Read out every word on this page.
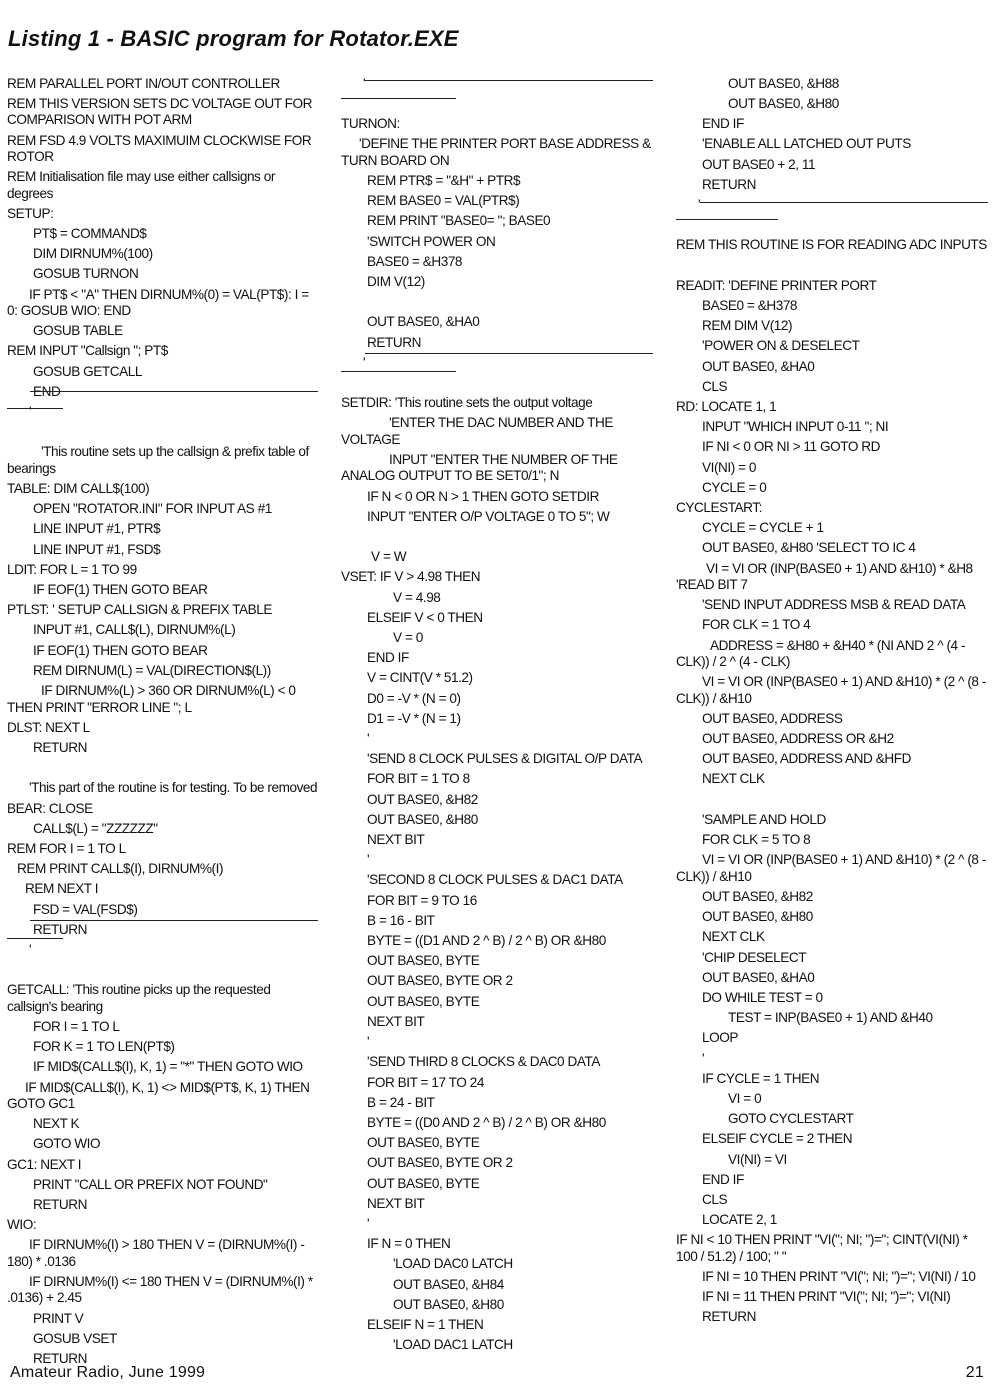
Listing 1 - BASIC program for Rotator.EXE
REM PARALLEL PORT IN/OUT CONTROLLER
REM THIS VERSION SETS DC VOLTAGE OUT FOR COMPARISON WITH POT ARM
REM FSD 4.9 VOLTS MAXIMUIM CLOCKWISE FOR ROTOR
REM Initialisation file may use either callsigns or degrees
SETUP:
PT$ = COMMAND$
DIM DIRNUM%(100)
GOSUB TURNON
IF PT$ < "A" THEN DIRNUM%(0) = VAL(PT$): I = 0: GOSUB WIO: END
GOSUB TABLE
REM INPUT "Callsign "; PT$
GOSUB GETCALL
END
'
'This routine sets up the callsign & prefix table of bearings
TABLE: DIM CALL$(100)
OPEN "ROTATOR.INI" FOR INPUT AS #1
LINE INPUT #1, PTR$
LINE INPUT #1, FSD$
LDIT: FOR L = 1 TO 99
IF EOF(1) THEN GOTO BEAR
PTLST: ' SETUP CALLSIGN & PREFIX TABLE
INPUT #1, CALL$(L), DIRNUM%(L)
IF EOF(1) THEN GOTO BEAR
REM DIRNUM(L) = VAL(DIRECTION$(L))
IF DIRNUM%(L) > 360 OR DIRNUM%(L) < 0 THEN PRINT "ERROR LINE "; L
DLST: NEXT L
RETURN
'This part of the routine is for testing. To be removed
BEAR: CLOSE
CALL$(L) = "ZZZZZZ"
REM FOR I = 1 TO L
REM PRINT CALL$(I), DIRNUM%(I)
REM NEXT I
FSD = VAL(FSD$)
RETURN
'
GETCALL: 'This routine picks up the requested callsign's bearing
FOR I = 1 TO L
FOR K = 1 TO LEN(PT$)
IF MID$(CALL$(I), K, 1) = "*" THEN GOTO WIO
IF MID$(CALL$(I), K, 1) <> MID$(PT$, K, 1) THEN GOTO GC1
NEXT K
GOTO WIO
GC1: NEXT I
PRINT "CALL OR PREFIX NOT FOUND"
RETURN
WIO:
IF DIRNUM%(I) > 180 THEN V = (DIRNUM%(I) - 180) * .0136
IF DIRNUM%(I) <= 180 THEN V = (DIRNUM%(I) * .0136) + 2.45
PRINT V
GOSUB VSET
RETURN
'
TURNON:
'DEFINE THE PRINTER PORT BASE ADDRESS & TURN BOARD ON
REM PTR$ = "&H" + PTR$
REM BASE0 = VAL(PTR$)
REM PRINT "BASE0= "; BASE0
'SWITCH POWER ON
BASE0 = &H378
DIM V(12)
OUT BASE0, &HA0
RETURN
'
SETDIR: 'This routine sets the output voltage
'ENTER THE DAC NUMBER AND THE VOLTAGE
INPUT "ENTER THE NUMBER OF THE ANALOG OUTPUT TO BE SET0/1"; N
IF N < 0 OR N > 1 THEN GOTO SETDIR
INPUT "ENTER O/P VOLTAGE 0 TO 5"; W
V = W
VSET: IF V > 4.98 THEN
V = 4.98
ELSEIF V < 0 THEN
V = 0
END IF
V = CINT(V * 51.2)
D0 = -V * (N = 0)
D1 = -V * (N = 1)
'
'SEND 8 CLOCK PULSES & DIGITAL O/P DATA
FOR BIT = 1 TO 8
OUT BASE0, &H82
OUT BASE0, &H80
NEXT BIT
'
'SECOND 8 CLOCK PULSES & DAC1 DATA
FOR BIT = 9 TO 16
B = 16 - BIT
BYTE = ((D1 AND 2 ^ B) / 2 ^ B) OR &H80
OUT BASE0, BYTE
OUT BASE0, BYTE OR 2
OUT BASE0, BYTE
NEXT BIT
'
'SEND THIRD 8 CLOCKS & DAC0 DATA
FOR BIT = 17 TO 24
B = 24 - BIT
BYTE = ((D0 AND 2 ^ B) / 2 ^ B) OR &H80
OUT BASE0, BYTE
OUT BASE0, BYTE OR 2
OUT BASE0, BYTE
NEXT BIT
'
IF N = 0 THEN
'LOAD DAC0 LATCH
OUT BASE0, &H84
OUT BASE0, &H80
ELSEIF N = 1 THEN
'LOAD DAC1 LATCH
OUT BASE0, &H88
OUT BASE0, &H80
END IF
'ENABLE ALL LATCHED OUT PUTS
OUT BASE0 + 2, 11
RETURN
'
REM THIS ROUTINE IS FOR READING ADC INPUTS
READIT: 'DEFINE PRINTER PORT
BASE0 = &H378
REM DIM V(12)
'POWER ON & DESELECT
OUT BASE0, &HA0
CLS
RD: LOCATE 1, 1
INPUT "WHICH INPUT 0-11 "; NI
IF NI < 0 OR NI > 11 GOTO RD
VI(NI) = 0
CYCLE = 0
CYCLESTART:
CYCLE = CYCLE + 1
OUT BASE0, &H80 'SELECT TO IC 4
VI = VI OR (INP(BASE0 + 1) AND &H10) * &H8 'READ BIT 7
'SEND INPUT ADDRESS MSB & READ DATA
FOR CLK = 1 TO 4
ADDRESS = &H80 + &H40 * (NI AND 2 ^ (4 - CLK)) / 2 ^ (4 - CLK)
VI = VI OR (INP(BASE0 + 1) AND &H10) * (2 ^ (8 - CLK)) / &H10
OUT BASE0, ADDRESS
OUT BASE0, ADDRESS OR &H2
OUT BASE0, ADDRESS AND &HFD
NEXT CLK
'SAMPLE AND HOLD
FOR CLK = 5 TO 8
VI = VI OR (INP(BASE0 + 1) AND &H10) * (2 ^ (8 - CLK)) / &H10
OUT BASE0, &H82
OUT BASE0, &H80
NEXT CLK
'CHIP DESELECT
OUT BASE0, &HA0
DO WHILE TEST = 0
TEST = INP(BASE0 + 1) AND &H40
LOOP
'
IF CYCLE = 1 THEN
VI = 0
GOTO CYCLESTART
ELSEIF CYCLE = 2 THEN
VI(NI) = VI
END IF
CLS
LOCATE 2, 1
IF NI < 10 THEN PRINT "VI("; NI; ")="; CINT(VI(NI) * 100 / 51.2) / 100; " "
IF NI = 10 THEN PRINT "VI("; NI; ")="; VI(NI) / 10
IF NI = 11 THEN PRINT "VI("; NI; ")="; VI(NI)
RETURN
Amateur Radio, June 1999	21
